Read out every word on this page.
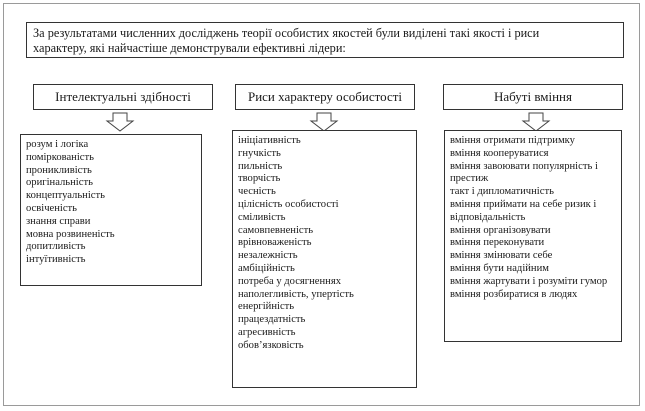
За результатами численних досліджень теорії особистих якостей були виділені такі якості і риси
характеру, які найчастіше демонстрували ефективні лідери:
Інтелектуальні здібності	Риси характеру особистості	Набуті вміння
розум і логіка
поміркованість
проникливість
оригінальність
концептуальність
освіченість
знання справи
мовна розвиненість
допитливість
інтуїтивність
ініціативність
гнучкість
пильність
творчість
чесність
цілісність особистості
сміливість
самовпевненість
врівноваженість
незалежність
амбіційність
потреба у досягненнях
наполегливість, упертість
енергійність
працездатність
агресивність
обов’язковість
вміння отримати підтримку
вміння кооперуватися
вміння завоювати популярність і престиж
такт і дипломатичність
вміння приймати на себе ризик і відповідальність
вміння організовувати
вміння переконувати
вміння змінювати себе
вміння бути надійним
вміння жартувати і розуміти гумор
вміння розбиратися в людях
